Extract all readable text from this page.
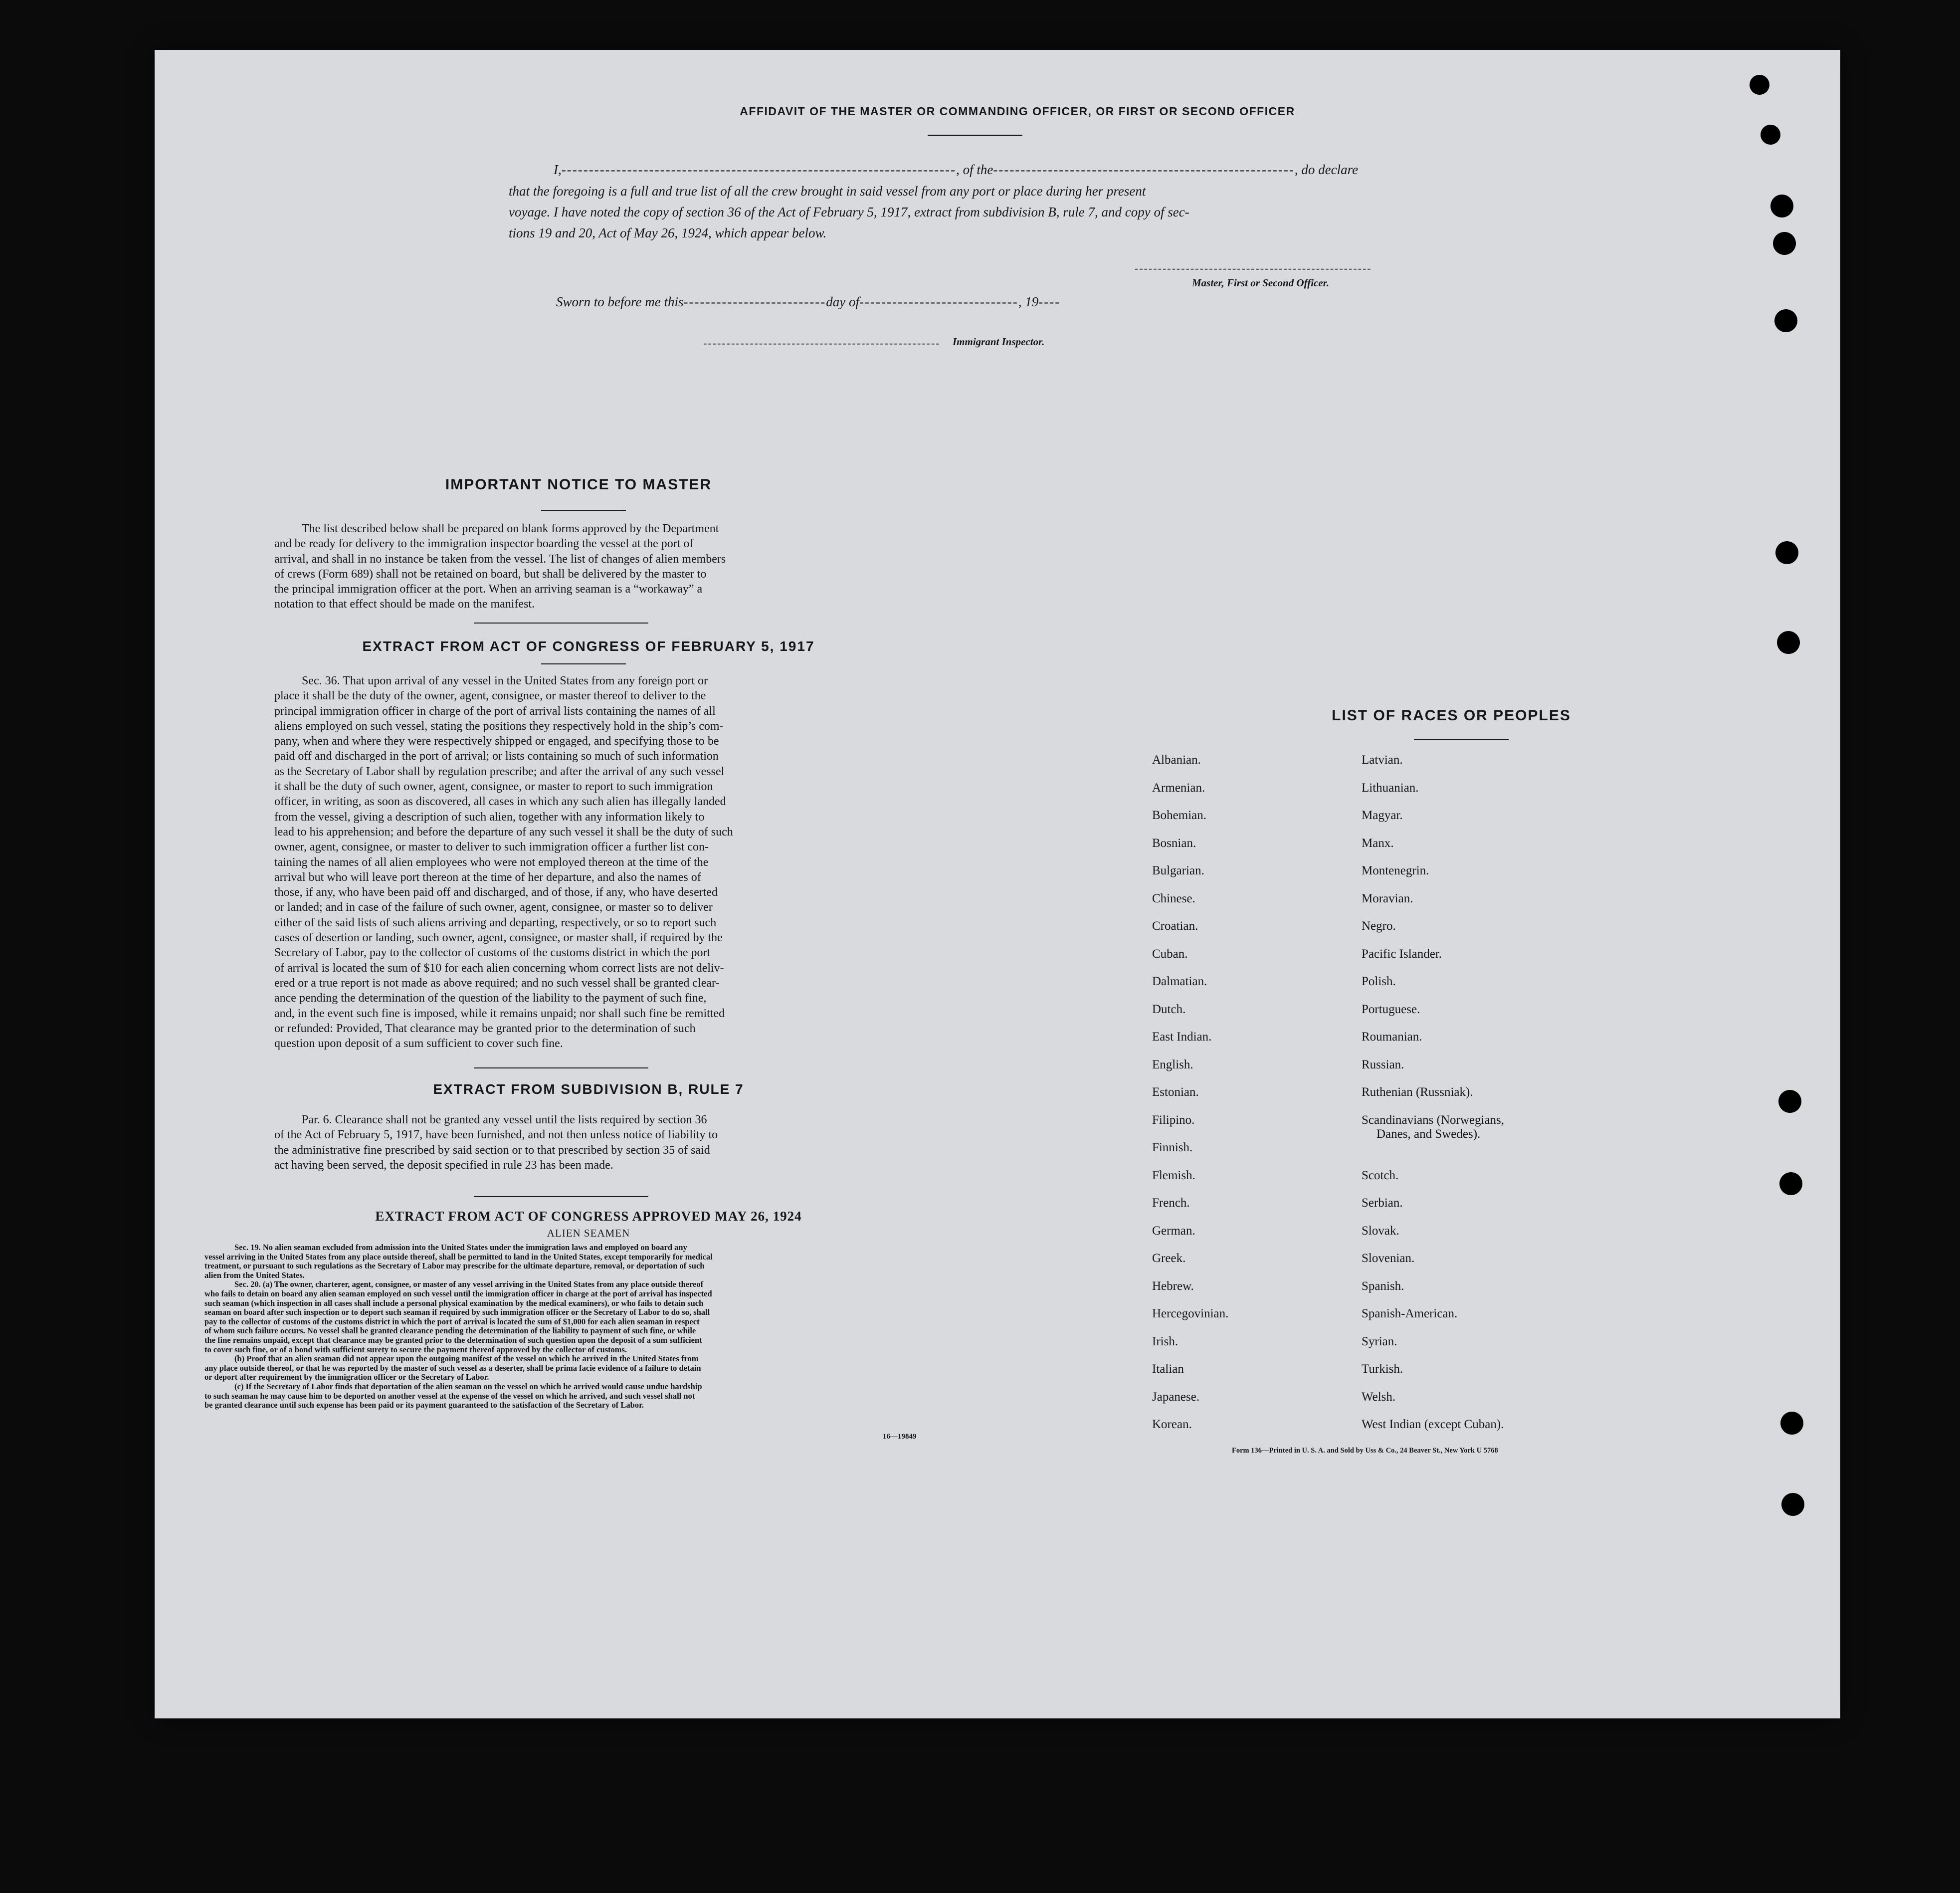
AFFIDAVIT OF THE MASTER OR COMMANDING OFFICER, OR FIRST OR SECOND OFFICER
I,------------------------------------------------------------------------, of the-------------------------------------------------------, do declare
that the foregoing is a full and true list of all the crew brought in said vessel from any port or place during her present
voyage. I have noted the copy of section 36 of the Act of February 5, 1917, extract from subdivision B, rule 7, and copy of sec-
tions 19 and 20, Act of May 26, 1924, which appear below.
---------------------------------------------------
Master, First or Second Officer.
Sworn to before me this--------------------------day of-----------------------------, 19----
--------------------------------------------------- Immigrant Inspector.
IMPORTANT NOTICE TO MASTER
The list described below shall be prepared on blank forms approved by the Department
and be ready for delivery to the immigration inspector boarding the vessel at the port of
arrival, and shall in no instance be taken from the vessel. The list of changes of alien members
of crews (Form 689) shall not be retained on board, but shall be delivered by the master to
the principal immigration officer at the port. When an arriving seaman is a “workaway” a
notation to that effect should be made on the manifest.
EXTRACT FROM ACT OF CONGRESS OF FEBRUARY 5, 1917
Sec. 36. That upon arrival of any vessel in the United States from any foreign port or
place it shall be the duty of the owner, agent, consignee, or master thereof to deliver to the
principal immigration officer in charge of the port of arrival lists containing the names of all
aliens employed on such vessel, stating the positions they respectively hold in the ship’s com-
pany, when and where they were respectively shipped or engaged, and specifying those to be
paid off and discharged in the port of arrival; or lists containing so much of such information
as the Secretary of Labor shall by regulation prescribe; and after the arrival of any such vessel
it shall be the duty of such owner, agent, consignee, or master to report to such immigration
officer, in writing, as soon as discovered, all cases in which any such alien has illegally landed
from the vessel, giving a description of such alien, together with any information likely to
lead to his apprehension; and before the departure of any such vessel it shall be the duty of such
owner, agent, consignee, or master to deliver to such immigration officer a further list con-
taining the names of all alien employees who were not employed thereon at the time of the
arrival but who will leave port thereon at the time of her departure, and also the names of
those, if any, who have been paid off and discharged, and of those, if any, who have deserted
or landed; and in case of the failure of such owner, agent, consignee, or master so to deliver
either of the said lists of such aliens arriving and departing, respectively, or so to report such
cases of desertion or landing, such owner, agent, consignee, or master shall, if required by the
Secretary of Labor, pay to the collector of customs of the customs district in which the port
of arrival is located the sum of $10 for each alien concerning whom correct lists are not deliv-
ered or a true report is not made as above required; and no such vessel shall be granted clear-
ance pending the determination of the question of the liability to the payment of such fine,
and, in the event such fine is imposed, while it remains unpaid; nor shall such fine be remitted
or refunded: Provided, That clearance may be granted prior to the determination of such
question upon deposit of a sum sufficient to cover such fine.
EXTRACT FROM SUBDIVISION B, RULE 7
Par. 6. Clearance shall not be granted any vessel until the lists required by section 36
of the Act of February 5, 1917, have been furnished, and not then unless notice of liability to
the administrative fine prescribed by said section or to that prescribed by section 35 of said
act having been served, the deposit specified in rule 23 has been made.
EXTRACT FROM ACT OF CONGRESS APPROVED MAY 26, 1924
ALIEN SEAMEN
Sec. 19. No alien seaman excluded from admission into the United States under the immigration laws and employed on board any
vessel arriving in the United States from any place outside thereof, shall be permitted to land in the United States, except temporarily for medical
treatment, or pursuant to such regulations as the Secretary of Labor may prescribe for the ultimate departure, removal, or deportation of such
alien from the United States.
Sec. 20. (a) The owner, charterer, agent, consignee, or master of any vessel arriving in the United States from any place outside thereof
who fails to detain on board any alien seaman employed on such vessel until the immigration officer in charge at the port of arrival has inspected
such seaman (which inspection in all cases shall include a personal physical examination by the medical examiners), or who fails to detain such
seaman on board after such inspection or to deport such seaman if required by such immigration officer or the Secretary of Labor to do so, shall
pay to the collector of customs of the customs district in which the port of arrival is located the sum of $1,000 for each alien seaman in respect
of whom such failure occurs. No vessel shall be granted clearance pending the determination of the liability to payment of such fine, or while
the fine remains unpaid, except that clearance may be granted prior to the determination of such question upon the deposit of a sum sufficient
to cover such fine, or of a bond with sufficient surety to secure the payment thereof approved by the collector of customs.
(b) Proof that an alien seaman did not appear upon the outgoing manifest of the vessel on which he arrived in the United States from
any place outside thereof, or that he was reported by the master of such vessel as a deserter, shall be prima facie evidence of a failure to detain
or deport after requirement by the immigration officer or the Secretary of Labor.
(c) If the Secretary of Labor finds that deportation of the alien seaman on the vessel on which he arrived would cause undue hardship
to such seaman he may cause him to be deported on another vessel at the expense of the vessel on which he arrived, and such vessel shall not
be granted clearance until such expense has been paid or its payment guaranteed to the satisfaction of the Secretary of Labor.
16—19849
LIST OF RACES OR PEOPLES
Albanian.
Armenian.
Bohemian.
Bosnian.
Bulgarian.
Chinese.
Croatian.
Cuban.
Dalmatian.
Dutch.
East Indian.
English.
Estonian.
Filipino.
Finnish.
Flemish.
French.
German.
Greek.
Hebrew.
Hercegovinian.
Irish.
Italian
Japanese.
Korean.
Latvian.
Lithuanian.
Magyar.
Manx.
Montenegrin.
Moravian.
Negro.
Pacific Islander.
Polish.
Portuguese.
Roumanian.
Russian.
Ruthenian (Russniak).
Scandinavians (Norwegians,
Danes, and Swedes).
Scotch.
Serbian.
Slovak.
Slovenian.
Spanish.
Spanish-American.
Syrian.
Turkish.
Welsh.
West Indian (except Cuban).
Form 136—Printed in U. S. A. and Sold by Uss & Co., 24 Beaver St., New York U 5768
